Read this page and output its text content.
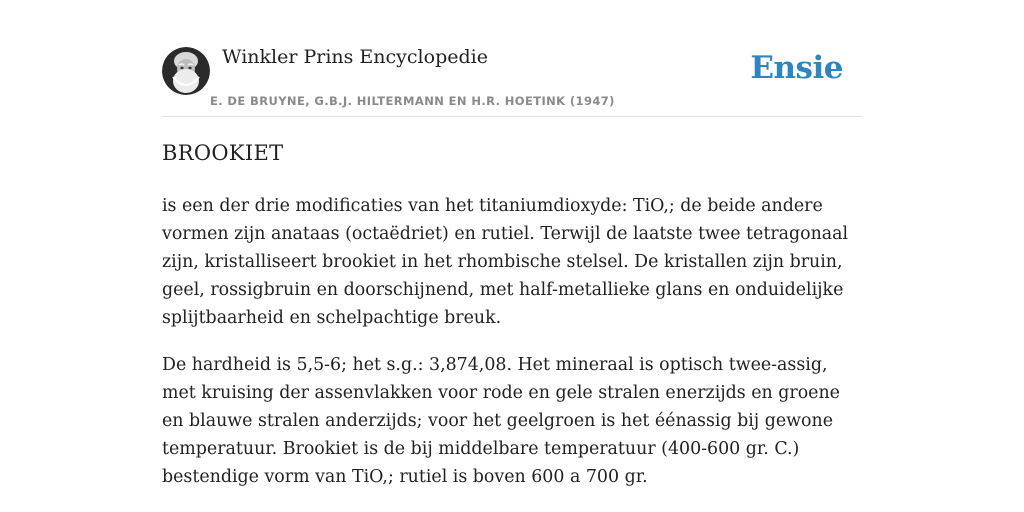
Winkler Prins Encyclopedie
E. DE BRUYNE, G.B.J. HILTERMANN EN H.R. HOETINK (1947)
Ensie
BROOKIET

is een der drie modificaties van het titaniumdioxyde: TiO,; de beide andere vormen zijn anataas (octaëdriet) en rutiel. Terwijl de laatste twee tetragonaal zijn, kristalliseert brookiet in het rhombische stelsel. De kristallen zijn bruin, geel, rossigbruin en doorschijnend, met half-metallieke glans en onduidelijke splijtbaarheid en schelpachtige breuk.

De hardheid is 5,5-6; het s.g.: 3,874,08. Het mineraal is optisch twee-assig, met kruising der assenvlakken voor rode en gele stralen enerzijds en groene en blauwe stralen anderzijds; voor het geelgroen is het éénassig bij gewone temperatuur. Brookiet is de bij middelbare temperatuur (400-600 gr. C.) bestendige vorm van TiO,; rutiel is boven 600 a 700 gr.
